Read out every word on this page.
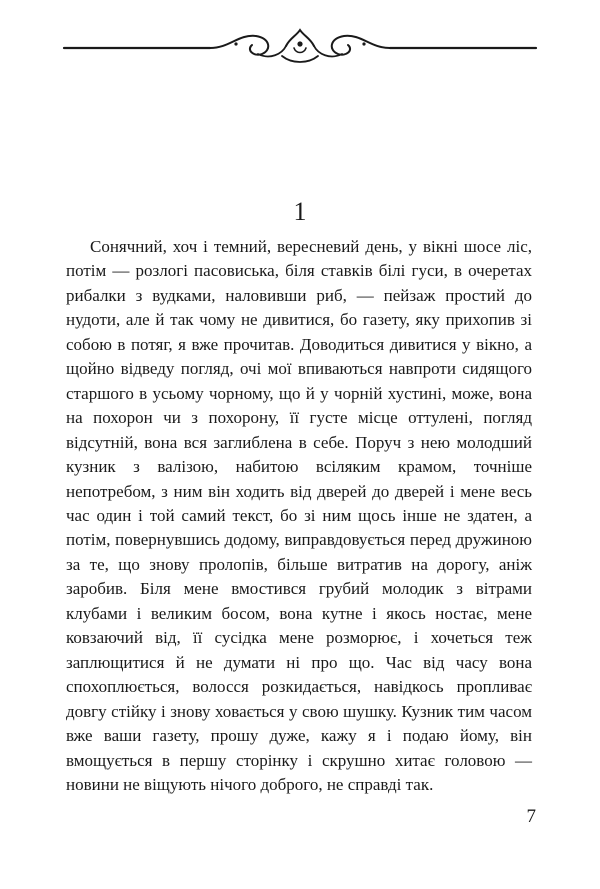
1

Сонячний, хоч і темний, вересневий день, у вікні шосе ліс, потім — розлогі пасовиська, біля ставків білі гуси, в очеретах рибалки з вудками, наловивши риб, — пейзаж простий до нудоти, але й так чому не дивитися, бо газету, яку прихопив зі собою в потяг, я вже прочитав. Доводиться дивитися у вікно, а щойно відведу погляд, очі мої впиваються навпроти сидящого старшого в усьому чорному, що й у чорній хустині, може, вона на похорон чи з похорону, її густе місце оттулені, погляд відсутній, вона вся заглиблена в себе. Поруч з нею молодший кузник з валізою, набитою всіляким крамом, точніше непотребом, з ним він ходить від дверей до дверей і мене весь час один і той самий текст, бо зі ним щось інше не здатен, а потім, повернувшись додому, виправдовується перед дружиною за те, що знову пролопів, більше витратив на дорогу, аніж заробив. Біля мене вмостився грубий молодик з вітрами клубами і великим босом, вона кутне і якось ностає, мене ковзаючий від, її сусідка мене розморює, і хочеться теж заплющитися й не думати ні про що. Час від часу вона спохоплюється, волосся розкидається, навідкось пропливає довгу стійку і знову ховається у свою шушку. Кузник тим часом вже ваши газету, прошу дуже, кажу я і подаю йому, він вмощується в першу сторінку і скрушно хитає головою — новини не віщують нічого доброго, не справді так.

7
